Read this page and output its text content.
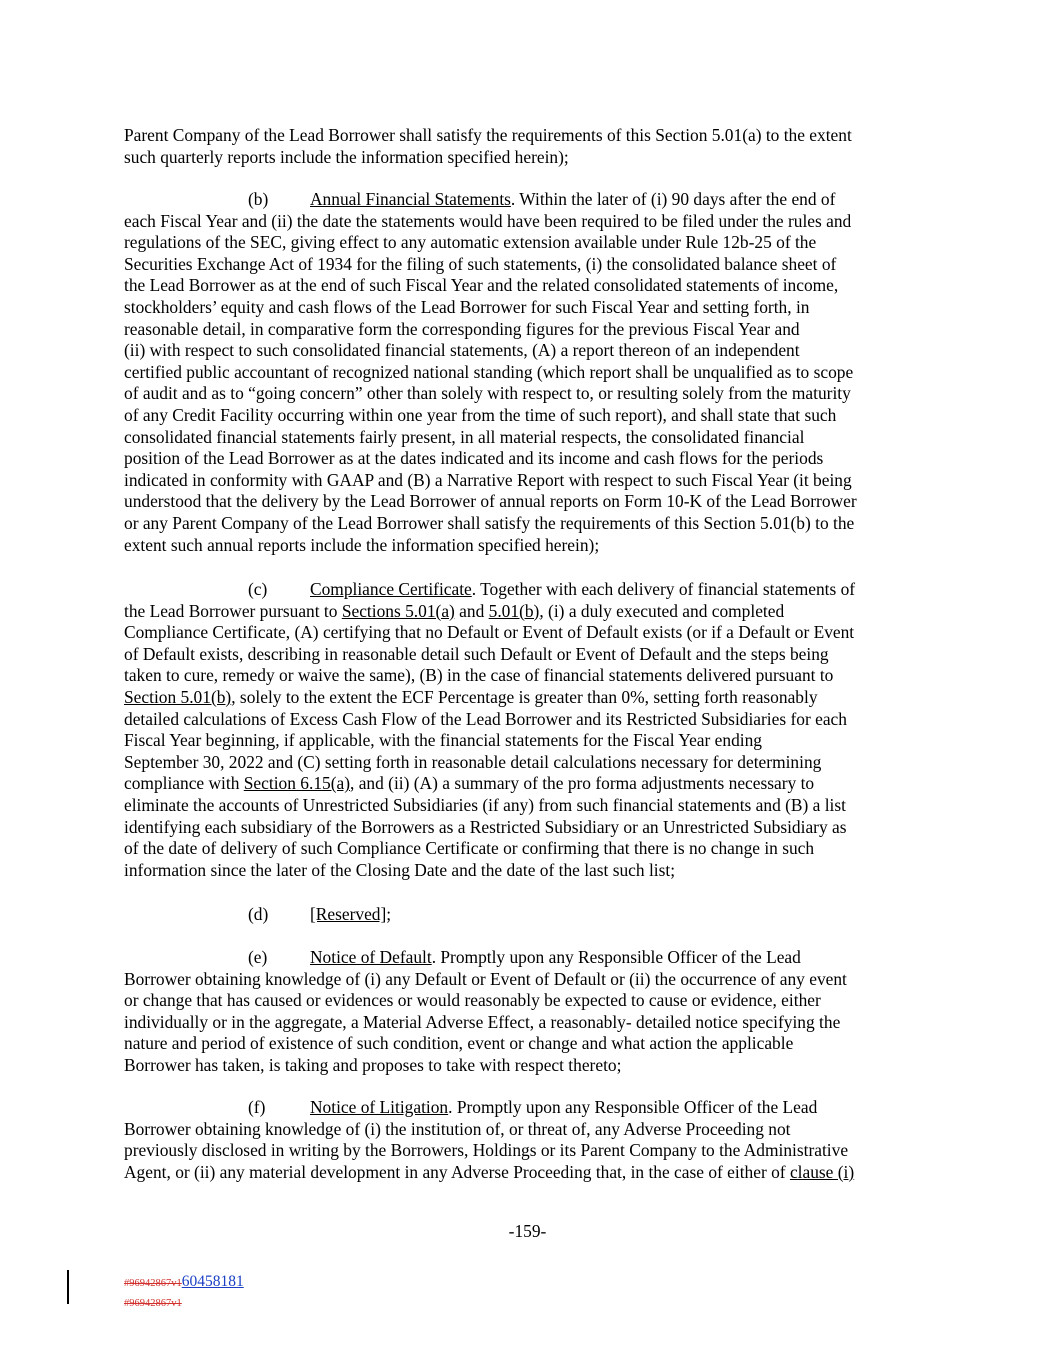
Parent Company of the Lead Borrower shall satisfy the requirements of this Section 5.01(a) to the extent
such quarterly reports include the information specified herein);
(b) Annual Financial Statements. Within the later of (i) 90 days after the end of
each Fiscal Year and (ii) the date the statements would have been required to be filed under the rules and
regulations of the SEC, giving effect to any automatic extension available under Rule 12b-25 of the
Securities Exchange Act of 1934 for the filing of such statements, (i) the consolidated balance sheet of
the Lead Borrower as at the end of such Fiscal Year and the related consolidated statements of income,
stockholders’ equity and cash flows of the Lead Borrower for such Fiscal Year and setting forth, in
reasonable detail, in comparative form the corresponding figures for the previous Fiscal Year and
(ii) with respect to such consolidated financial statements, (A) a report thereon of an independent
certified public accountant of recognized national standing (which report shall be unqualified as to scope
of audit and as to “going concern” other than solely with respect to, or resulting solely from the maturity
of any Credit Facility occurring within one year from the time of such report), and shall state that such
consolidated financial statements fairly present, in all material respects, the consolidated financial
position of the Lead Borrower as at the dates indicated and its income and cash flows for the periods
indicated in conformity with GAAP and (B) a Narrative Report with respect to such Fiscal Year (it being
understood that the delivery by the Lead Borrower of annual reports on Form 10-K of the Lead Borrower
or any Parent Company of the Lead Borrower shall satisfy the requirements of this Section 5.01(b) to the
extent such annual reports include the information specified herein);
(c) Compliance Certificate. Together with each delivery of financial statements of
the Lead Borrower pursuant to Sections 5.01(a) and 5.01(b), (i) a duly executed and completed
Compliance Certificate, (A) certifying that no Default or Event of Default exists (or if a Default or Event
of Default exists, describing in reasonable detail such Default or Event of Default and the steps being
taken to cure, remedy or waive the same), (B) in the case of financial statements delivered pursuant to
Section 5.01(b), solely to the extent the ECF Percentage is greater than 0%, setting forth reasonably
detailed calculations of Excess Cash Flow of the Lead Borrower and its Restricted Subsidiaries for each
Fiscal Year beginning, if applicable, with the financial statements for the Fiscal Year ending
September 30, 2022 and (C) setting forth in reasonable detail calculations necessary for determining
compliance with Section 6.15(a), and (ii) (A) a summary of the pro forma adjustments necessary to
eliminate the accounts of Unrestricted Subsidiaries (if any) from such financial statements and (B) a list
identifying each subsidiary of the Borrowers as a Restricted Subsidiary or an Unrestricted Subsidiary as
of the date of delivery of such Compliance Certificate or confirming that there is no change in such
information since the later of the Closing Date and the date of the last such list;
(d) [Reserved];
(e) Notice of Default. Promptly upon any Responsible Officer of the Lead
Borrower obtaining knowledge of (i) any Default or Event of Default or (ii) the occurrence of any event
or change that has caused or evidences or would reasonably be expected to cause or evidence, either
individually or in the aggregate, a Material Adverse Effect, a reasonably- detailed notice specifying the
nature and period of existence of such condition, event or change and what action the applicable
Borrower has taken, is taking and proposes to take with respect thereto;
(f)	Notice of Litigation. Promptly upon any Responsible Officer of the Lead
Borrower obtaining knowledge of (i) the institution of, or threat of, any Adverse Proceeding not
previously disclosed in writing by the Borrowers, Holdings or its Parent Company to the Administrative
Agent, or (ii) any material development in any Adverse Proceeding that, in the case of either of clause (i)
-159-
#96942867v160458181
#96942867v1
